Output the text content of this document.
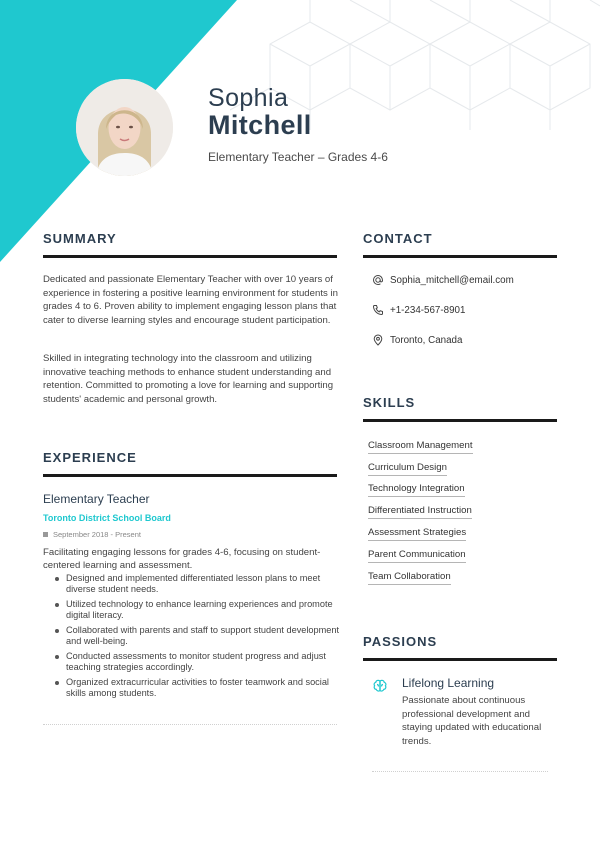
Sophia
Mitchell
Elementary Teacher – Grades 4-6
SUMMARY
Dedicated and passionate Elementary Teacher with over 10 years of experience in fostering a positive learning environment for students in grades 4 to 6. Proven ability to implement engaging lesson plans that cater to diverse learning styles and encourage student participation.
Skilled in integrating technology into the classroom and utilizing innovative teaching methods to enhance student understanding and retention. Committed to promoting a love for learning and supporting students' academic and personal growth.
EXPERIENCE
Elementary Teacher
Toronto District School Board
September 2018 - Present
Facilitating engaging lessons for grades 4-6, focusing on student-centered learning and assessment.
Designed and implemented differentiated lesson plans to meet diverse student needs.
Utilized technology to enhance learning experiences and promote digital literacy.
Collaborated with parents and staff to support student development and well-being.
Conducted assessments to monitor student progress and adjust teaching strategies accordingly.
Organized extracurricular activities to foster teamwork and social skills among students.
CONTACT
Sophia_mitchell@email.com
+1-234-567-8901
Toronto, Canada
SKILLS
Classroom Management
Curriculum Design
Technology Integration
Differentiated Instruction
Assessment Strategies
Parent Communication
Team Collaboration
PASSIONS
Lifelong Learning
Passionate about continuous professional development and staying updated with educational trends.
